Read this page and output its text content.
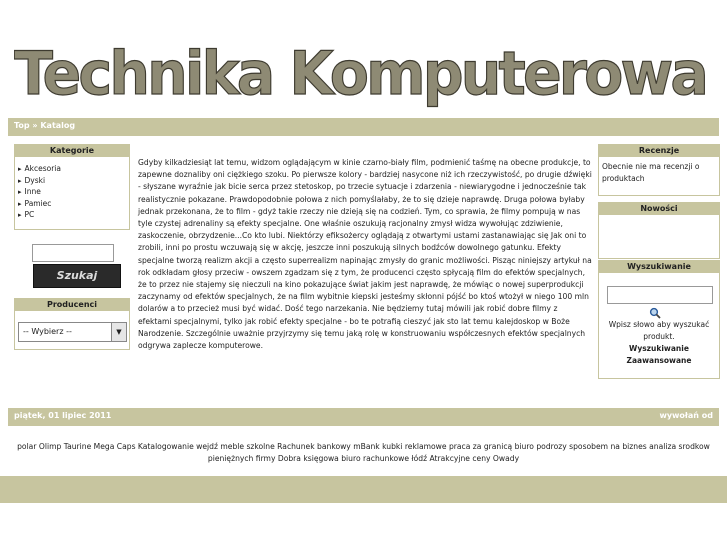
Technika Komputerowa
Top » Katalog
Kategorie
▸ Akcesoria
▸ Dyski
▸ Inne
▸ Pamiec
▸ PC
Szukaj
Producenci
-- Wybierz --	▼
Gdyby kilkadziesiąt lat temu, widzom oglądającym w kinie czarno-biały film, podmienić taśmę na obecne produkcje, to zapewne doznaliby oni ciężkiego szoku. Po pierwsze kolory - bardziej nasycone niż ich rzeczywistość, po drugie dźwięki - słyszane wyraźnie jak bicie serca przez stetoskop, po trzecie sytuacje i zdarzenia - niewiarygodne i jednocześnie tak realistycznie pokazane. Prawdopodobnie połowa z nich pomyślałaby, że to się dzieje naprawdę. Druga połowa byłaby jednak przekonana, że to film - gdyż takie rzeczy nie dzieją się na codzień. Tym, co sprawia, że filmy pompują w nas tyle czystej adrenaliny są efekty specjalne. One właśnie oszukują racjonalny zmysł widza wywołując zdziwienie, zaskoczenie, obrzydzenie...Co kto lubi. Niektórzy efiksożercy oglądają z otwartymi ustami zastanawiając się Jak oni to zrobili, inni po prostu wczuwają się w akcję, jeszcze inni poszukują silnych bodźców dowolnego gatunku. Efekty specjalne tworzą realizm akcji a często superrealizm napinając zmysły do granic możliwości. Pisząc niniejszy artykuł na rok odkładam głosy przeciw - owszem zgadzam się z tym, że producenci często spłycają film do efektów specjalnych, że to przez nie stajemy się nieczuli na kino pokazujące świat jakim jest naprawdę, że mówiąc o nowej superprodukcji zaczynamy od efektów specjalnych, że na film wybitnie kiepski jesteśmy skłonni pójść bo ktoś wtożył w niego 100 mln dolarów a to przecież musi być widać. Dość tego narzekania. Nie będziemy tutaj mówili jak robić dobre filmy z efektami specjalnymi, tylko jak robić efekty specjalne - bo te potrafią cieszyć jak sto lat temu kalejdoskop w Boże Narodzenie. Szczególnie uważnie przyjrzymy się temu jaką rolę w konstruowaniu współczesnych efektów specjalnych odgrywa zaplecze komputerowe.
Recenzje
Obecnie nie ma recenzji o produktach
Nowości
Wyszukiwanie
Wpisz słowo aby wyszukać produkt.
Wyszukiwanie Zaawansowane
piątek, 01 lipiec 2011	wywołań od
polar Olimp Taurine Mega Caps Katalogowanie wejdź meble szkolne Rachunek bankowy mBank kubki reklamowe praca za granicą biuro podrozy sposobem na biznes analiza srodkow pieniężnych firmy Dobra księgowa biuro rachunkowe łódź Atrakcyjne ceny Owady
